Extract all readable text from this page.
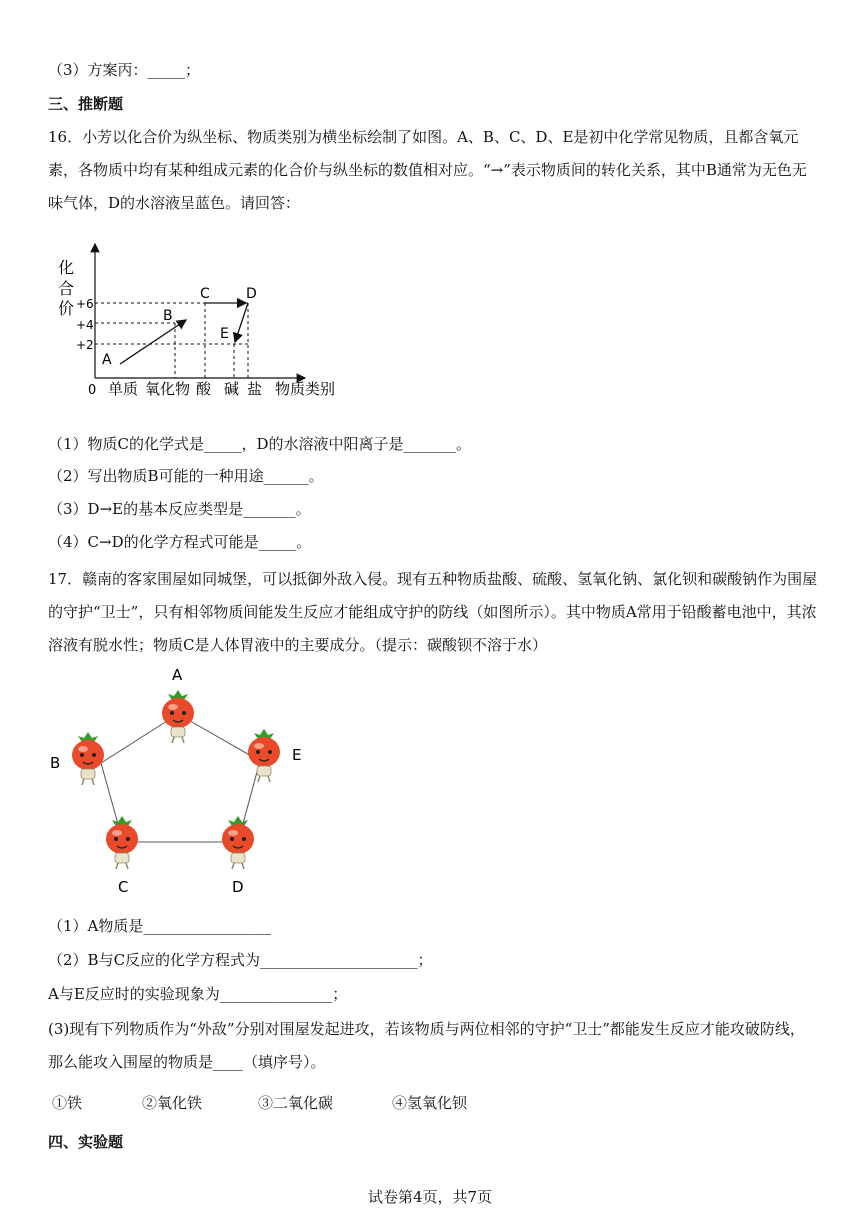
（3）方案丙：_____；
三、推断题
16．小芳以化合价为纵坐标、物质类别为横坐标绘制了如图。A、B、C、D、E是初中化学常见物质，且都含氧元素，各物质中均有某种组成元素的化合价与纵坐标的数值相对应。“→”表示物质间的转化关系，其中B通常为无色无味气体，D的水溶液呈蓝色。请回答：
化
合
价 +6
+4
+2
A
B
C	D
E
0 单质 氧化物 酸 碱 盐 物质类别
（1）物质C的化学式是_____，D的水溶液中阳离子是_______。
（2）写出物质B可能的一种用途______。
（3）D→E的基本反应类型是_______。
（4）C→D的化学方程式可能是_____。
17．赣南的客家围屋如同城堡，可以抵御外敌入侵。现有五种物质盐酸、硫酸、氢氧化钠、氯化钡和碳酸钠作为围屋的守护“卫士”，只有相邻物质间能发生反应才能组成守护的防线（如图所示）。其中物质A常用于铅酸蓄电池中，其浓溶液有脱水性；物质C是人体胃液中的主要成分。（提示：碳酸钡不溶于水）
A
B
C	D
E
（1）A物质是_________________
（2）B与C反应的化学方程式为_____________________；
A与E反应时的实验现象为_______________；
(3)现有下列物质作为“外敌”分别对围屋发起进攻，若该物质与两位相邻的守护“卫士”都能发生反应才能攻破防线，那么能攻入围屋的物质是____（填序号）。
①铁	②氧化铁	③二氧化碳	④氢氧化钡
四、实验题
试卷第4页，共7页
